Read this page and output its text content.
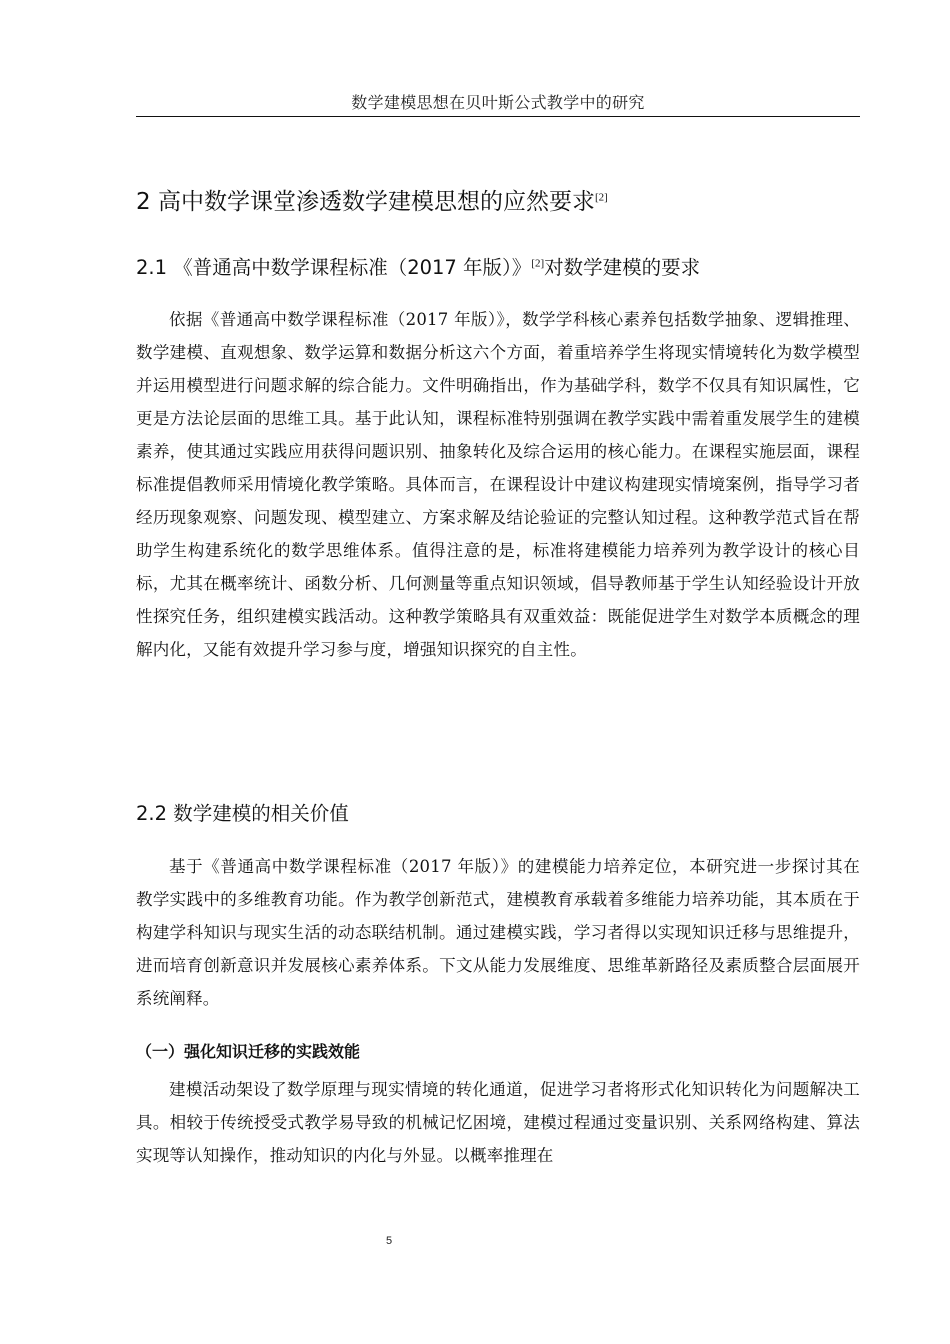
数学建模思想在贝叶斯公式教学中的研究
2 高中数学课堂渗透数学建模思想的应然要求[2]
2.1 《普通高中数学课程标准（2017 年版）》[2]对数学建模的要求

依据《普通高中数学课程标准（2017 年版）》，数学学科核心素养包括数学抽象、逻辑推理、数学建模、直观想象、数学运算和数据分析这六个方面，着重培养学生将现实情境转化为数学模型并运用模型进行问题求解的综合能力。文件明确指出，作为基础学科，数学不仅具有知识属性，它更是方法论层面的思维工具。基于此认知，课程标准特别强调在教学实践中需着重发展学生的建模素养，使其通过实践应用获得问题识别、抽象转化及综合运用的核心能力。在课程实施层面，课程标准提倡教师采用情境化教学策略。具体而言，在课程设计中建议构建现实情境案例，指导学习者经历现象观察、问题发现、模型建立、方案求解及结论验证的完整认知过程。这种教学范式旨在帮助学生构建系统化的数学思维体系。值得注意的是，标准将建模能力培养列为教学设计的核心目标，尤其在概率统计、函数分析、几何测量等重点知识领域，倡导教师基于学生认知经验设计开放性探究任务，组织建模实践活动。这种教学策略具有双重效益：既能促进学生对数学本质概念的理解内化，又能有效提升学习参与度，增强知识探究的自主性。

2.2 数学建模的相关价值

基于《普通高中数学课程标准（2017 年版）》的建模能力培养定位，本研究进一步探讨其在教学实践中的多维教育功能。作为教学创新范式，建模教育承载着多维能力培养功能，其本质在于构建学科知识与现实生活的动态联结机制。通过建模实践，学习者得以实现知识迁移与思维提升，进而培育创新意识并发展核心素养体系。下文从能力发展维度、思维革新路径及素质整合层面展开系统阐释。

（一）强化知识迁移的实践效能

建模活动架设了数学原理与现实情境的转化通道，促进学习者将形式化知识转化为问题解决工具。相较于传统授受式教学易导致的机械记忆困境，建模过程通过变量识别、关系网络构建、算法实现等认知操作，推动知识的内化与外显。以概率推理在

5
